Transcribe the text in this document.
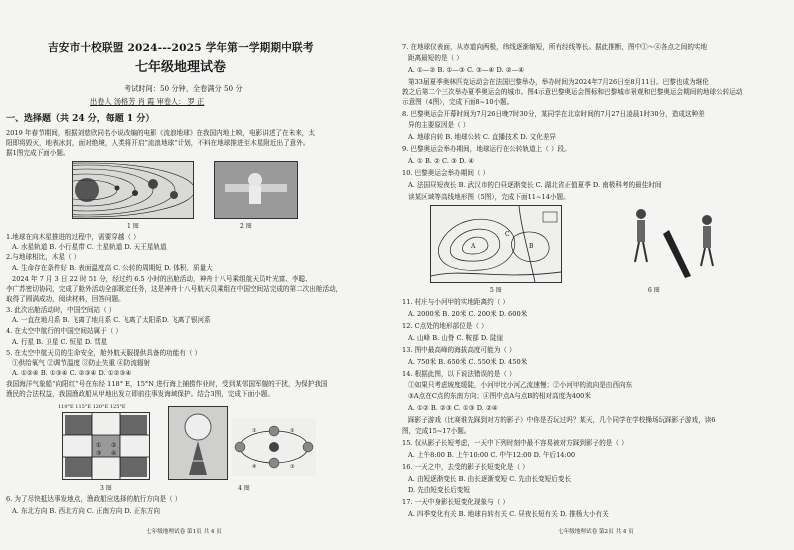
吉安市十校联盟 2024---2025 学年第一学期期中联考
七年级地理试卷
考试时间：50 分钟、全卷满分 50 分
出卷人 汤格芳 肖 霞 审卷人： 罗 正
一、选择题（共 24 分，每题 1 分）
2019 年春节期间，根据刘慈欣同名小说改编的电影《流浪地球》在我国内地上映，电影讲述了在未来，太
阳即将毁灭，地表冰封，面对绝境，人类将开启“流浪地球”计划，不料在地球推进至木星附近出了意外。
据1图完成下面小题。
1 图	2 图
1.地球在向木星推进的过程中，需要穿越（ ）
A. 水星轨道 B. 小行星带 C. 土星轨道 D. 天王星轨道
2.与地球相比，木星（ ）
A. 生命存在条件好 B. 表面温度高 C. 公转的周期短 D. 体积、质量大
2024 年 7 月 3 日 22 时 51 分，经过约 6.5 小时的出舱活动，神舟十八号乘组航天员叶光富、李聪、
李广苏密切协同，完成了舱外活动全部既定任务，这是神舟十八号航天员乘组在中国空间站完成的第二次出舱活动，
取得了圆满成功，阅读材料，回答问题。
3. 此次出舱活动时，中国空间站（ ）
A. 一直在地月系 B. 飞离了地月系 C. 飞离了太阳系D. 飞离了银河系
4. 在太空中航行的中国空间站属于（ ）
A. 行星 B. 卫星 C. 恒星 D. 彗星
5. 在太空中航天员的生命安全，舱外航天服提供具备的功能有（ ）
①供给氧气 ②调节温度 ③防止失重 ④防流辐射
A. ①②④ B. ①③④ C. ②③④ D. ①②③④
我国海洋气象船“向阳红”号在东经 118° E，15°N 进行海上捕捞作业时，受到某邻国军舰的干扰，为保护我国
渔民的合法权益，我国渔政船从甲地出发立即前往事发海域保护。结合3图，完成下面小题。
110°E 115°E 120°E 125°E
① ②
③ ④
3 图
①	②
③
④
4 图
6. 为了尽快抵达事发地点，渔政船应选择的航行方向是（ ）
A. 东北方向 B. 西北方向 C. 正南方向 D. 正东方向
七年级地理试卷 第1页 共 4 页
7. 在地球仪表面，从赤道向两极，纬线逐渐缩短，所有经线等长。据此推断，图中①～④各点之间的实地
距离最短的是（ ）
A. ①—② B. ①—③ C. ③—④ D. ②—④
第33届夏季奥林匹克运动会在法国巴黎举办，举办时间为2024年7月26日至8月11日。巴黎也成为继伦
敦之后第二个三次举办夏季奥运会的城市。图4示意巴黎奥运会图标和巴黎城市景观和巴黎奥运会期间的地球公转运动
示意图（4图），完成下面8~10小题。
8. 巴黎奥运会开幕时间为7月26日晚7时30分，某同学在北京时间的7月27日凌晨1时30分，造成这种差
异的主要原因是（ ）
A. 地球自转 B. 地球公转 C. 直播技术 D. 文化差异
9. 巴黎奥运会举办期间，地球运行在公转轨道上（ ）段。
A. ① B. ② C. ③ D. ④
10. 巴黎奥运会举办期间（ ）
A. 法国昼短夜长 B. 武汉市的白昼逐渐变长 C. 湖北省正值夏季 D. 南极科考的最佳时间
读某区域等高线地形图（5图），完成下面11~14小题。
A	B
C
5 图	6 图
11. 村庄与小河甲的实地距离约（ ）
A. 2000米 B. 20米 C. 200米 D. 600米
12. C点处的地形部位是（ ）
A. 山峰 B. 山脊 C. 鞍部 D. 陡崖
13. 图中最高峰的海拔高度可能为（ ）
A. 750米 B. 650米 C. 550米 D. 450米
14. 根据此图，以下说法错误的是（ ）
①如果只考虑坡度缓陡，小河甲比小河乙流速慢；②小河甲的流向是由西向东
③A点在C点的东南方向；④图中点A与点B的相对高度为400米
A. ①② B. ②③ C. ①③ D. ②④
踩影子游戏（比赛谁先踩到对方的影子）中你是否玩过吗？某天，几个同学在学校操场玩踩影子游戏，读6
图，完成15~17小题。
15. 仅从影子长短考虑，一天中下列时刻中最不容易被对方踩到影子的是（ ）
A. 上午8:00 B. 上午10:00 C. 中午12:00 D. 午后14:00
16. 一天之中，去受的影子长短变化是（ ）
A. 由短逐渐变长 B. 由长逐渐变短 C. 先由长变短后变长
D. 先由短变长后变短
17. 一天中身影长短变化现象与（ ）
A. 四季变化有关 B. 地球自转有关 C. 昼夜长短有关 D. 推杨大小有关
七年级地理试卷 第2页 共 4 页
